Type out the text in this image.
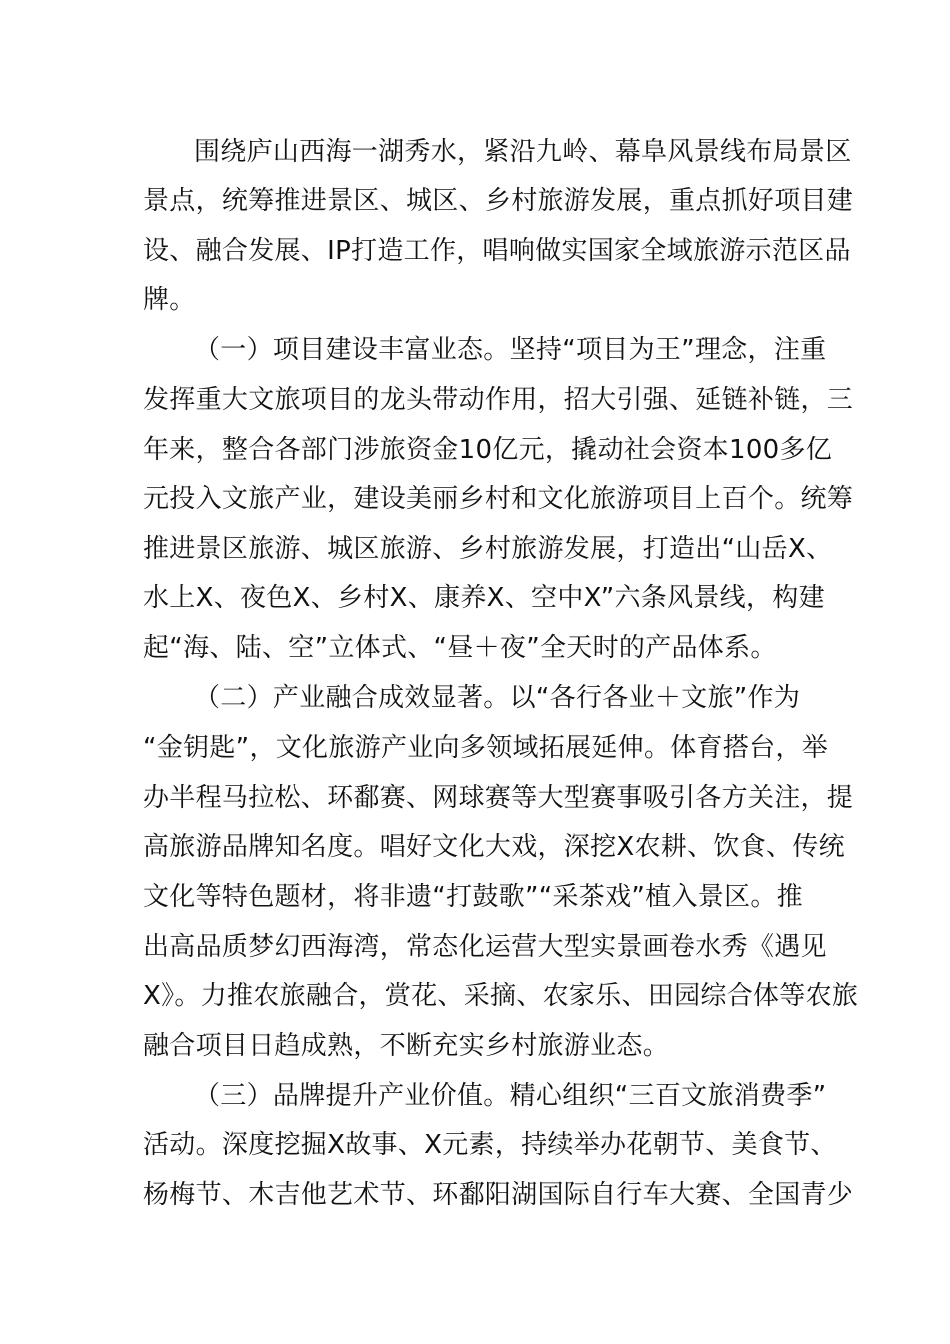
围绕庐山西海一湖秀水，紧沿九岭、幕阜风景线布局景区
景点，统筹推进景区、城区、乡村旅游发展，重点抓好项目建
设、融合发展、IP打造工作，唱响做实国家全域旅游示范区品
牌。
（一）项目建设丰富业态。坚持“项目为王”理念，注重
发挥重大文旅项目的龙头带动作用，招大引强、延链补链，三
年来，整合各部门涉旅资金10亿元，撬动社会资本100多亿
元投入文旅产业，建设美丽乡村和文化旅游项目上百个。统筹
推进景区旅游、城区旅游、乡村旅游发展，打造出“山岳X、
水上X、夜色X、乡村X、康养X、空中X”六条风景线，构建
起“海、陆、空”立体式、“昼＋夜”全天时的产品体系。
（二）产业融合成效显著。以“各行各业＋文旅”作为
“金钥匙”，文化旅游产业向多领域拓展延伸。体育搭台，举
办半程马拉松、环鄱赛、网球赛等大型赛事吸引各方关注，提
高旅游品牌知名度。唱好文化大戏，深挖X农耕、饮食、传统
文化等特色题材，将非遗“打鼓歌”“采茶戏”植入景区。推
出高品质梦幻西海湾，常态化运营大型实景画卷水秀《遇见
X》。力推农旅融合，赏花、采摘、农家乐、田园综合体等农旅
融合项目日趋成熟，不断充实乡村旅游业态。
（三）品牌提升产业价值。精心组织“三百文旅消费季”
活动。深度挖掘X故事、X元素，持续举办花朝节、美食节、
杨梅节、木吉他艺术节、环鄱阳湖国际自行车大赛、全国青少
